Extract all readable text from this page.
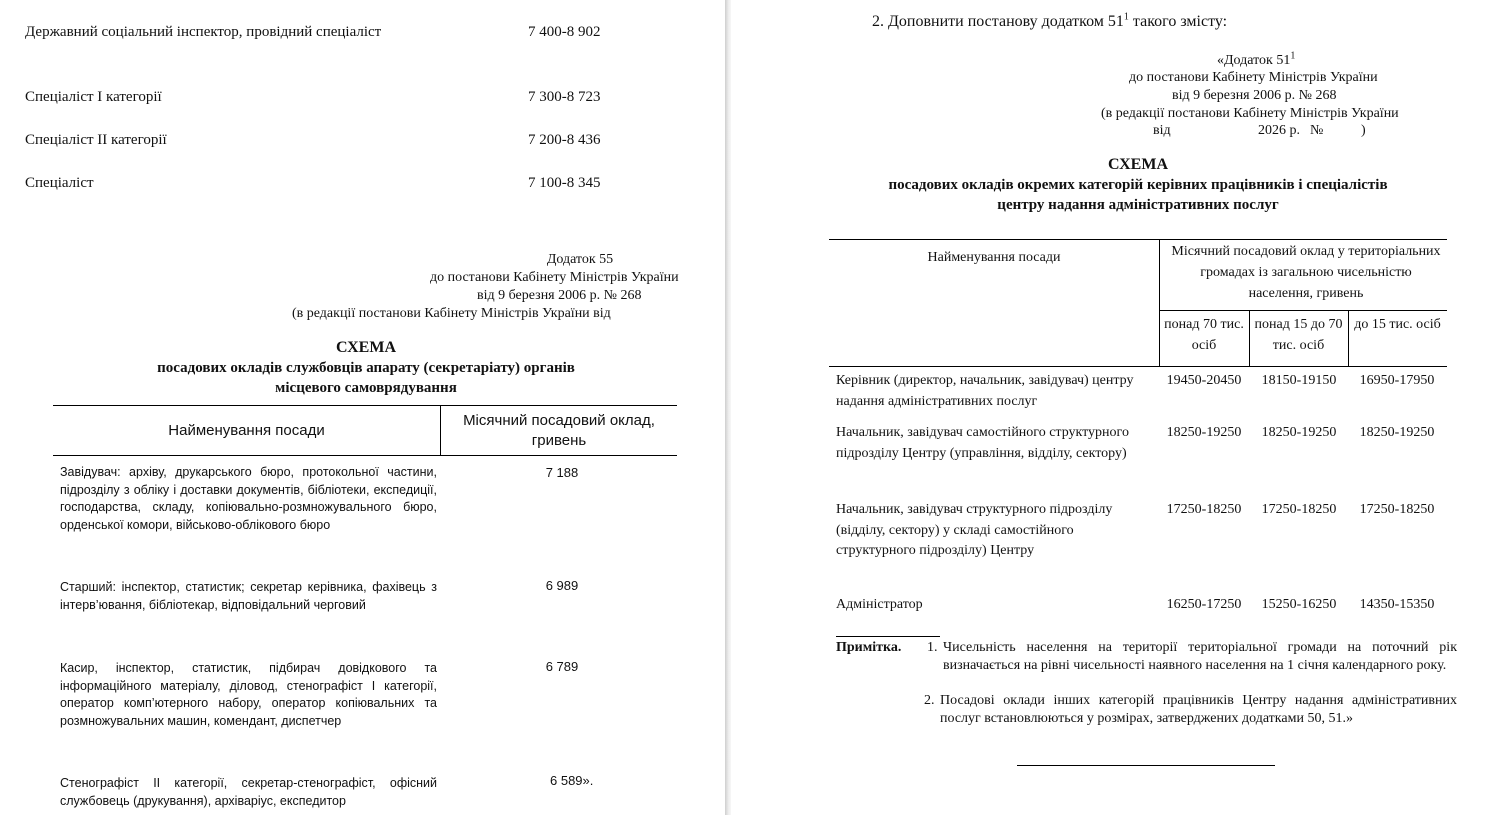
Державний соціальний інспектор, провідний спеціаліст	7 400-8 902
Спеціаліст I категорії	7 300-8 723
Спеціаліст II категорії	7 200-8 436
Спеціаліст	7 100-8 345
Додаток 55
до постанови Кабінету Міністрів України
від 9 березня 2006 р. № 268
(в редакції постанови Кабінету Міністрів України від
СХЕМА
посадових окладів службовців апарату (секретаріату) органів
місцевого самоврядування
Найменування посади
Місячний посадовий оклад, гривень
Завідувач: архіву, друкарського бюро, протокольної частини, підрозділу з обліку і доставки документів, бібліотеки, експедиції, господарства, складу, копіювально-розмножувального бюро, орденської комори, військово-облікового бюро
7 188
Старший: інспектор, статистик; секретар керівника, фахівець з інтерв’ювання, бібліотекар, відповідальний черговий
6 989
Касир, інспектор, статистик, підбирач довідкового та інформаційного матеріалу, діловод, стенографіст I категорії, оператор комп’ютерного набору, оператор копіювальних та розмножувальних машин, комендант, диспетчер
6 789
Стенографіст II категорії, секретар-стенографіст, офісний службовець (друкування), архіваріус, експедитор
6 589».
2. Доповнити постанову додатком $51^1$ такого змісту:
«Додаток $51^1$
до постанови Кабінету Міністрів України
від 9 березня 2006 р. № 268
(в редакції постанови Кабінету Міністрів України
від	2026 р. №	)
СХЕМА
посадових окладів окремих категорій керівних працівників і спеціалістів
центру надання адміністративних послуг
Найменування посади	Місячний посадовий оклад у територіальних громадах із загальною чисельністю населення, гривень
понад 70 тис. осіб
понад 15 до 70 тис. осіб
до 15 тис. осіб
Керівник (директор, начальник, завідувач) центру надання адміністративних послуг
19450-20450	18150-19150	16950-17950
Начальник, завідувач самостійного структурного підрозділу Центру (управління, відділу, сектору)
18250-19250	18250-19250	18250-19250
Начальник, завідувач структурного підрозділу (відділу, сектору) у складі самостійного структурного підрозділу) Центру
17250-18250	17250-18250	17250-18250
Адміністратор	16250-17250	15250-16250	14350-15350
Примітка. 1. Чисельність населення на території територіальної громади на поточний рік визначається на рівні чисельності наявного населення на 1 січня календарного року.
2. Посадові оклади інших категорій працівників Центру надання адміністративних послуг встановлюються у розмірах, затверджених додатками 50, 51.»
